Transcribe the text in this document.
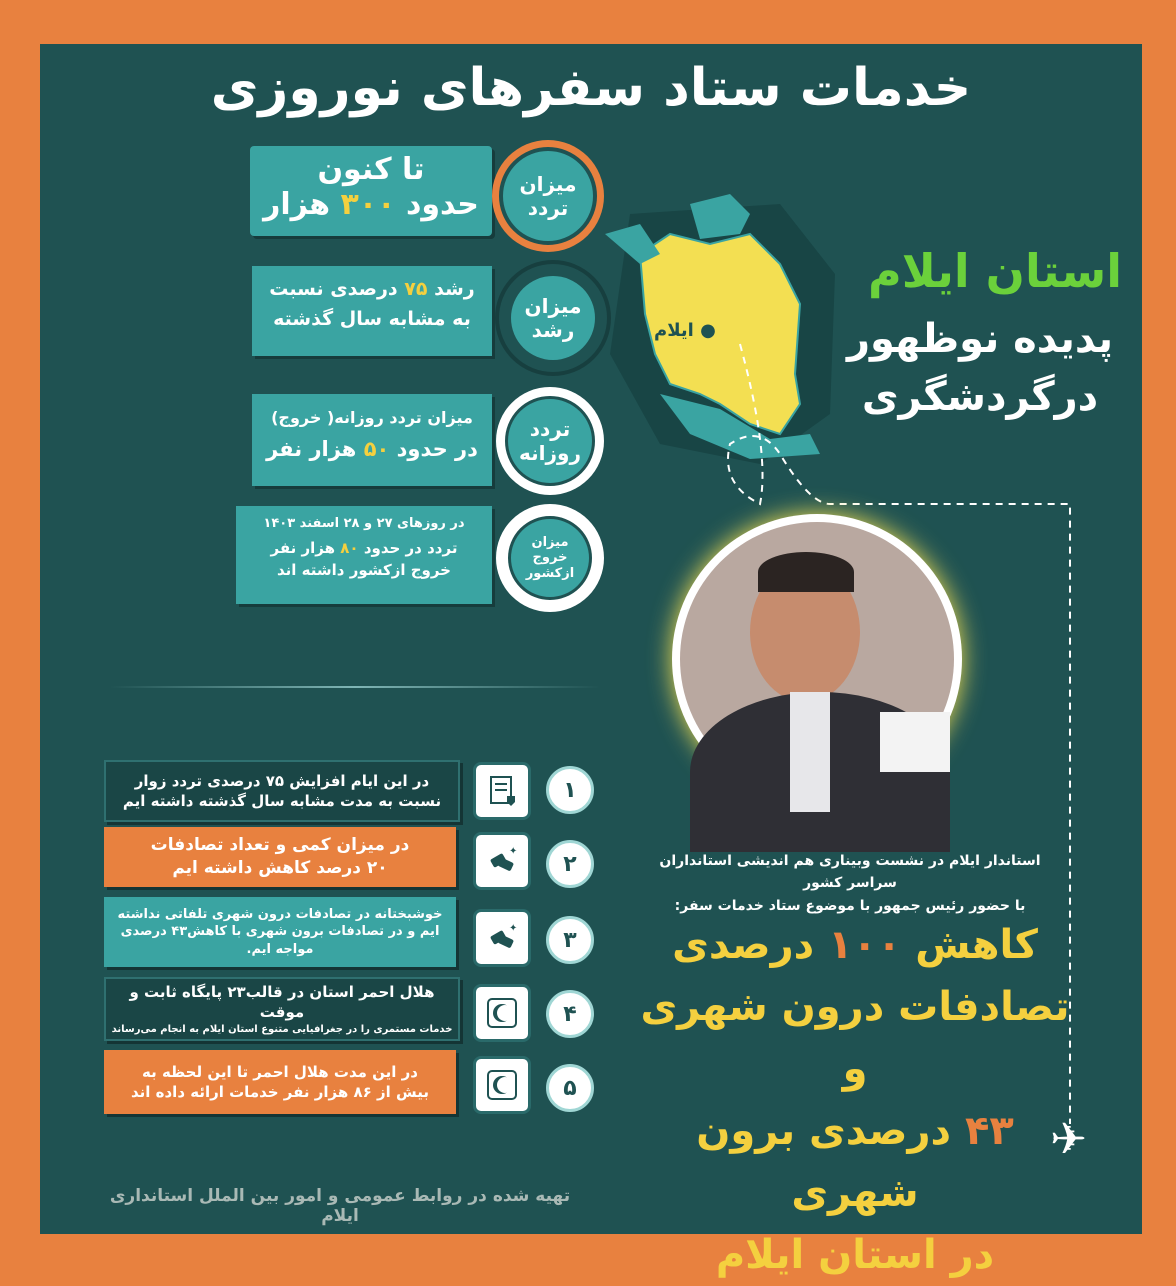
خدمات ستاد سفرهای نوروزی
تا کنون
حدود ۳۰۰ هزار
میزان تردد
رشد ۷۵ درصدی نسبت
به مشابه سال گذشته
میزان رشد
میزان تردد روزانه( خروج)
در حدود ۵۰ هزار نفر
تردد روزانه
در روزهای ۲۷ و ۲۸ اسفند ۱۴۰۳
تردد در حدود ۸۰ هزار نفر
خروج ازکشور داشته اند
میزان خروج ازکشور
● ایلام
✈
استان ایلام
پدیده نوظهور
درگردشگری
در این ایام افزایش ۷۵ درصدی تردد زوار نسبت به مدت مشابه سال گذشته داشته ایم	۱
در میزان کمی و تعداد تصادفات ۲۰ درصد کاهش داشته ایم
✦	۲
خوشبختانه در تصادفات درون شهری تلفاتی نداشته ایم و در تصادفات برون شهری با کاهش۴۳ درصدی مواجه ایم.
✦	۳
هلال احمر استان در قالب۲۳ پایگاه ثابت و موقت
خدمات مستمری را در جغرافیایی متنوع استان ایلام به انجام می‌رساند
۴
در این مدت هلال احمر تا این لحظه به بیش از ۸۶ هزار نفر خدمات ارائه داده اند	۵
استاندار ایلام در نشست وبیناری هم اندیشی استانداران سراسر کشور
با حضور رئیس جمهور با موضوع ستاد خدمات سفر:
کاهش ۱۰۰ درصدی
تصادفات درون شهری و
۴۳ درصدی برون شهری
در استان ایلام
تهیه شده در روابط عمومی و امور بین الملل استانداری ایلام
